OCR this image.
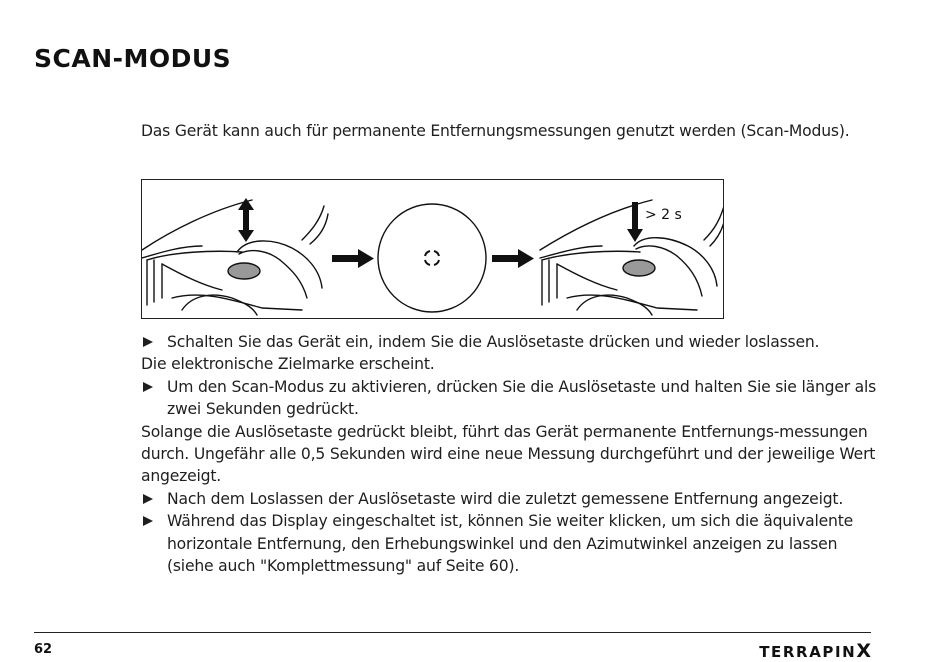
SCAN-MODUS
Das Gerät kann auch für permanente Entfernungsmessungen genutzt werden (Scan-Modus).
> 2 s
Schalten Sie das Gerät ein, indem Sie die Auslösetaste drücken und wieder loslassen.
Die elektronische Zielmarke erscheint.
Um den Scan-Modus zu aktivieren, drücken Sie die Auslösetaste und halten Sie sie länger als zwei Sekunden gedrückt.
Solange die Auslösetaste gedrückt bleibt, führt das Gerät permanente Entfernungs-messungen durch. Ungefähr alle 0,5 Sekunden wird eine neue Messung durchgeführt und der jeweilige Wert angezeigt.
Nach dem Loslassen der Auslösetaste wird die zuletzt gemessene Entfernung angezeigt.
Während das Display eingeschaltet ist, können Sie weiter klicken, um sich die äquivalente horizontale Entfernung, den Erhebungswinkel und den Azimutwinkel anzeigen zu lassen (siehe auch "Komplettmessung" auf Seite 60).
62	TERRAPINX
